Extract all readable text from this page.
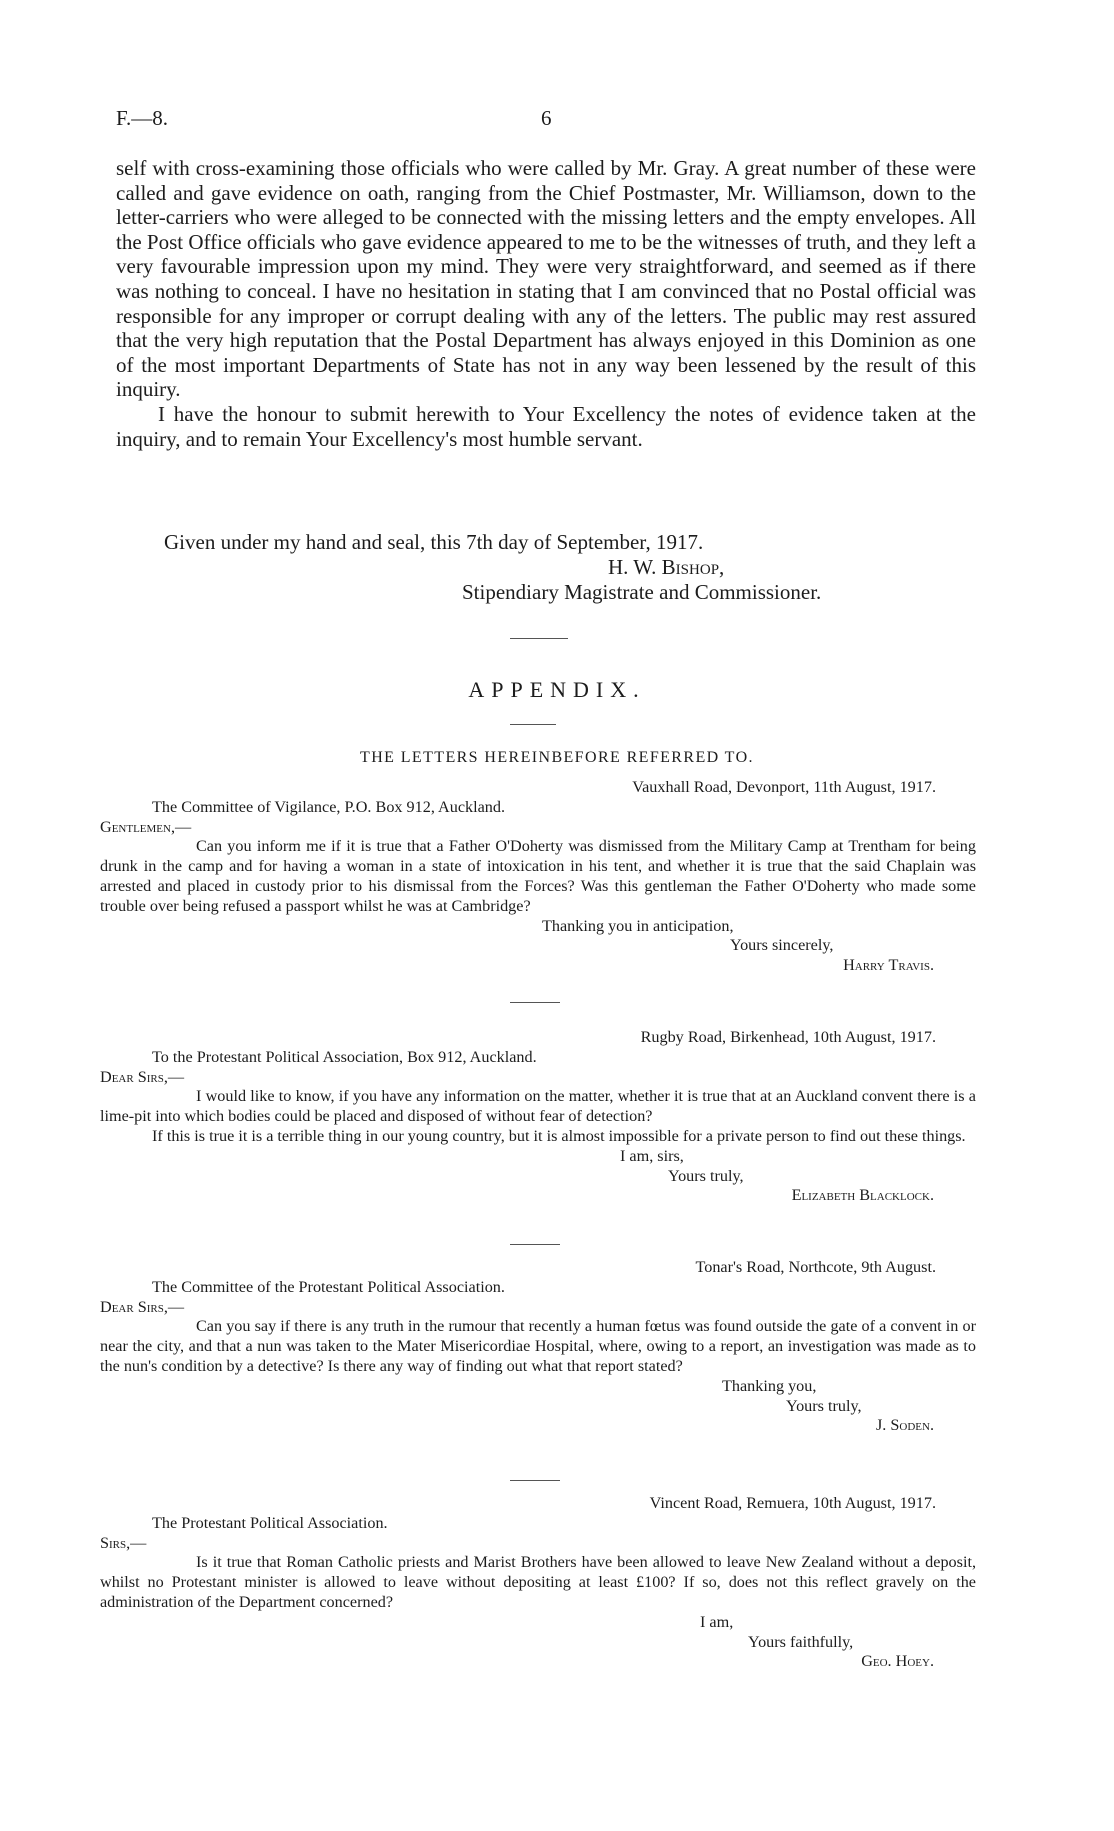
F.—8.	6

self with cross-examining those officials who were called by Mr. Gray. A great number of these were called and gave evidence on oath, ranging from the Chief Postmaster, Mr. Williamson, down to the letter-carriers who were alleged to be connected with the missing letters and the empty envelopes. All the Post Office officials who gave evidence appeared to me to be the witnesses of truth, and they left a very favourable impression upon my mind. They were very straightforward, and seemed as if there was nothing to conceal. I have no hesitation in stating that I am convinced that no Postal official was responsible for any improper or corrupt dealing with any of the letters. The public may rest assured that the very high reputation that the Postal Department has always enjoyed in this Dominion as one of the most important Departments of State has not in any way been lessened by the result of this inquiry.

I have the honour to submit herewith to Your Excellency the notes of evidence taken at the inquiry, and to remain Your Excellency's most humble servant.

Given under my hand and seal, this 7th day of September, 1917.
H. W. Bishop,
Stipendiary Magistrate and Commissioner.
APPENDIX.
THE LETTERS HEREINBEFORE REFERRED TO.
Vauxhall Road, Devonport, 11th August, 1917.
The Committee of Vigilance, P.O. Box 912, Auckland.
Gentlemen,—

Can you inform me if it is true that a Father O'Doherty was dismissed from the Military Camp at Trentham for being drunk in the camp and for having a woman in a state of intoxication in his tent, and whether it is true that the said Chaplain was arrested and placed in custody prior to his dismissal from the Forces? Was this gentleman the Father O'Doherty who made some trouble over being refused a passport whilst he was at Cambridge?

Thanking you in anticipation,
Yours sincerely,
Harry Travis.
Rugby Road, Birkenhead, 10th August, 1917.
To the Protestant Political Association, Box 912, Auckland.
Dear Sirs,—

I would like to know, if you have any information on the matter, whether it is true that at an Auckland convent there is a lime-pit into which bodies could be placed and disposed of without fear of detection?

If this is true it is a terrible thing in our young country, but it is almost impossible for a private person to find out these things.

I am, sirs,
Yours truly,
Elizabeth Blacklock.
Tonar's Road, Northcote, 9th August.
The Committee of the Protestant Political Association.
Dear Sirs,—

Can you say if there is any truth in the rumour that recently a human fœtus was found outside the gate of a convent in or near the city, and that a nun was taken to the Mater Misericordiae Hospital, where, owing to a report, an investigation was made as to the nun's condition by a detective? Is there any way of finding out what that report stated?

Thanking you,
Yours truly,
J. Soden.
Vincent Road, Remuera, 10th August, 1917.
The Protestant Political Association.
Sirs,—

Is it true that Roman Catholic priests and Marist Brothers have been allowed to leave New Zealand without a deposit, whilst no Protestant minister is allowed to leave without depositing at least £100? If so, does not this reflect gravely on the administration of the Department concerned?

I am,
Yours faithfully,
Geo. Hoey.
